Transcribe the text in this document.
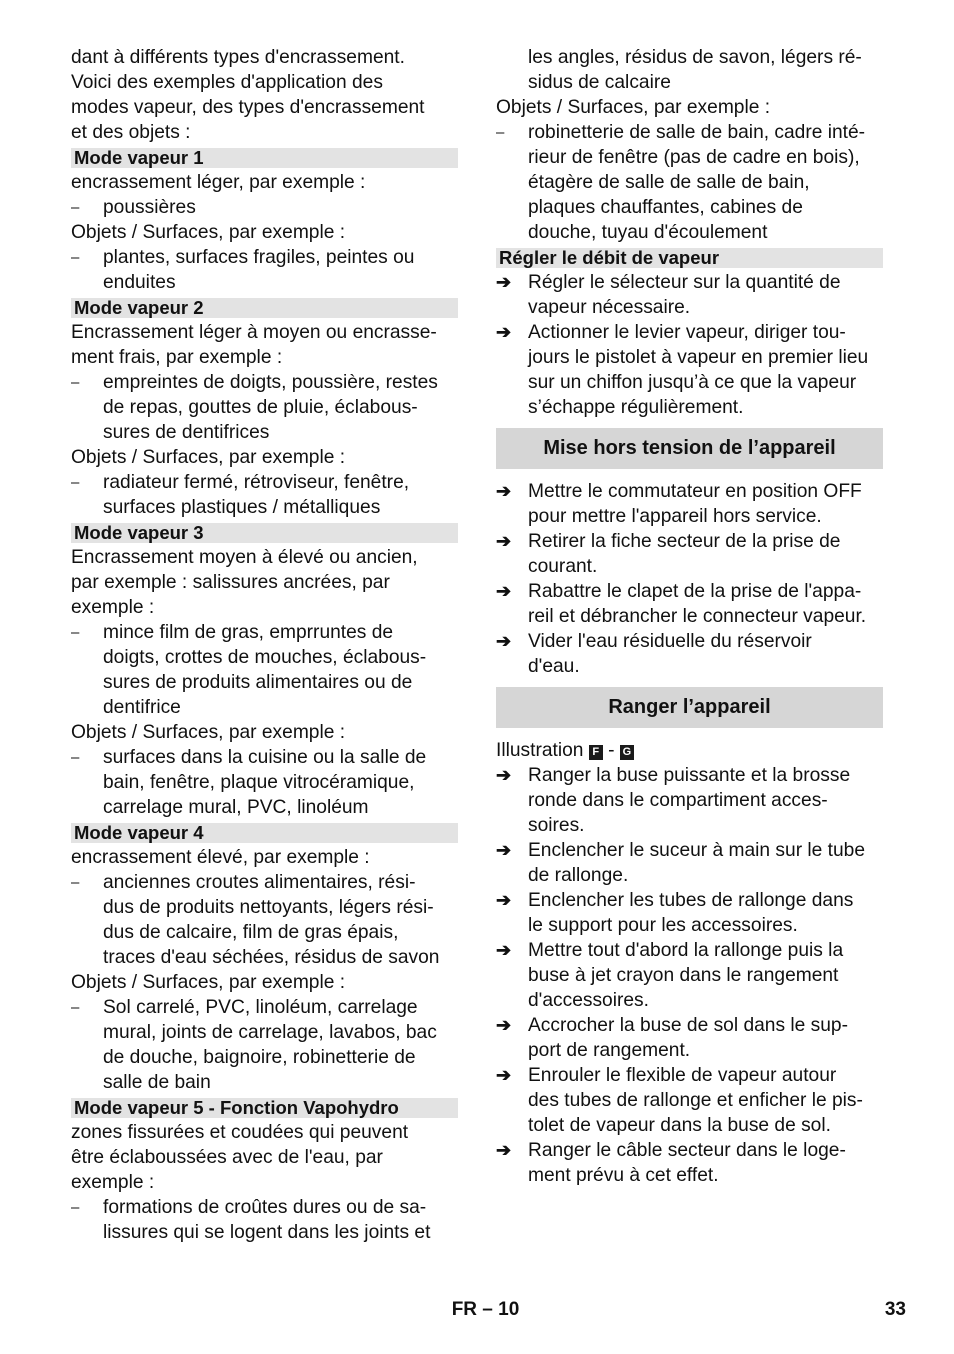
dant à différents types d'encrassement.
Voici des exemples d'application des
modes vapeur, des types d'encrassement
et des objets :
Mode vapeur 1
encrassement léger, par exemple :
–	poussières
Objets / Surfaces, par exemple :
–	plantes, surfaces fragiles, peintes ou
enduites
Mode vapeur 2
Encrassement léger à moyen ou encrasse-
ment frais, par exemple :
–	empreintes de doigts, poussière, restes
de repas, gouttes de pluie, éclabous-
sures de dentifrices
Objets / Surfaces, par exemple :
–	radiateur fermé, rétroviseur, fenêtre,
surfaces plastiques / métalliques
Mode vapeur 3
Encrassement moyen à élevé ou ancien,
par exemple : salissures ancrées, par
exemple :
–	mince film de gras, emprruntes de
doigts, crottes de mouches, éclabous-
sures de produits alimentaires ou de
dentifrice
Objets / Surfaces, par exemple :
–	surfaces dans la cuisine ou la salle de
bain, fenêtre, plaque vitrocéramique,
carrelage mural, PVC, linoléum
Mode vapeur 4
encrassement élevé, par exemple :
–	anciennes croutes alimentaires, rési-
dus de produits nettoyants, légers rési-
dus de calcaire, film de gras épais,
traces d'eau séchées, résidus de savon
Objets / Surfaces, par exemple :
–	Sol carrelé, PVC, linoléum, carrelage
mural, joints de carrelage, lavabos, bac
de douche, baignoire, robinetterie de
salle de bain
Mode vapeur 5 - Fonction Vapohydro
zones fissurées et coudées qui peuvent
être éclaboussées avec de l'eau, par
exemple :
–	formations de croûtes dures ou de sa-
lissures qui se logent dans les joints et
les angles, résidus de savon, légers ré-
sidus de calcaire
Objets / Surfaces, par exemple :
–	robinetterie de salle de bain, cadre inté-
rieur de fenêtre (pas de cadre en bois),
étagère de salle de salle de bain,
plaques chauffantes, cabines de
douche, tuyau d'écoulement
Régler le débit de vapeur
➔ Régler le sélecteur sur la quantité de
vapeur nécessaire.
➔ Actionner le levier vapeur, diriger tou-
jours le pistolet à vapeur en premier lieu
sur un chiffon jusqu’à ce que la vapeur
s’échappe régulièrement.
Mise hors tension de l’appareil
➔ Mettre le commutateur en position OFF
pour mettre l'appareil hors service.
➔ Retirer la fiche secteur de la prise de
courant.
➔ Rabattre le clapet de la prise de l'appa-
reil et débrancher le connecteur vapeur.
➔ Vider l'eau résiduelle du réservoir
d'eau.
Ranger l’appareil
Illustration F - G
➔ Ranger la buse puissante et la brosse
ronde dans le compartiment acces-
soires.
➔ Enclencher le suceur à main sur le tube
de rallonge.
➔ Enclencher les tubes de rallonge dans
le support pour les accessoires.
➔ Mettre tout d'abord la rallonge puis la
buse à jet crayon dans le rangement
d'accessoires.
➔ Accrocher la buse de sol dans le sup-
port de rangement.
➔ Enrouler le flexible de vapeur autour
des tubes de rallonge et enficher le pis-
tolet de vapeur dans la buse de sol.
➔ Ranger le câble secteur dans le loge-
ment prévu à cet effet.
FR – 10	33
